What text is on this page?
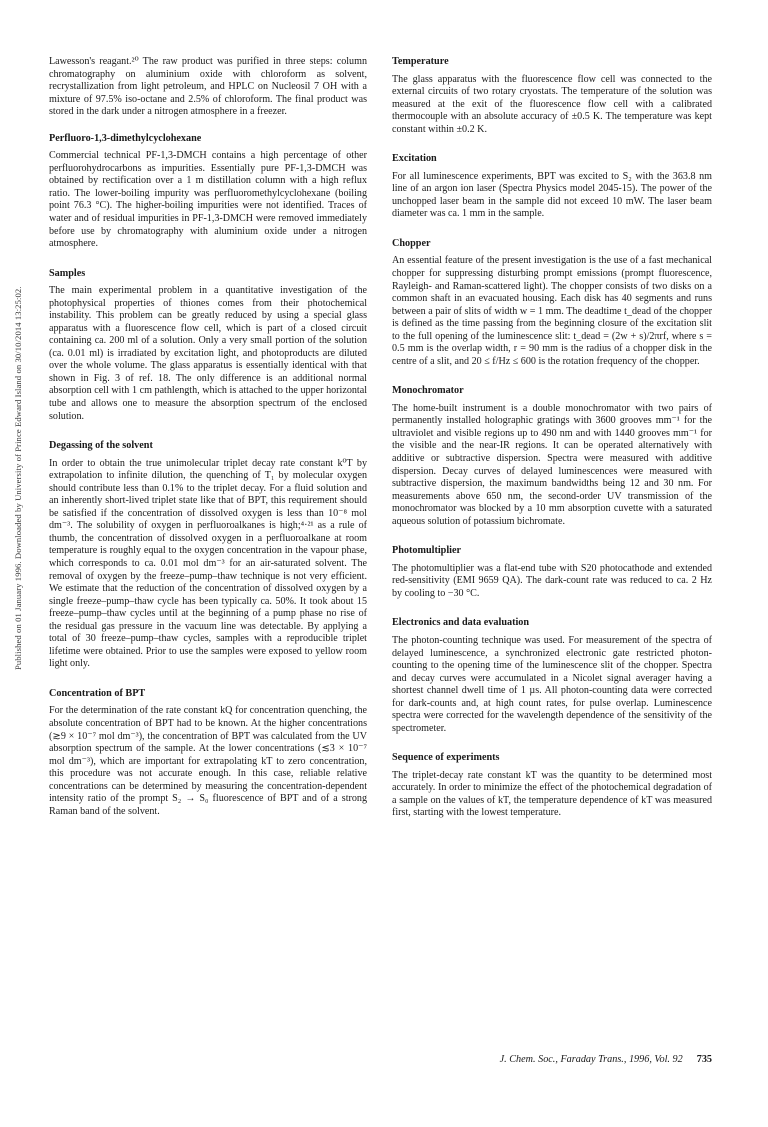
Published on 01 January 1996. Downloaded by University of Prince Edward Island on 30/10/2014 13:25:02.

Lawesson's reagant.²⁰ The raw product was purified in three steps: column chromatography on aluminium oxide with chloroform as solvent, recrystallization from light petroleum, and HPLC on Nucleosil 7 OH with a mixture of 97.5% iso-octane and 2.5% of chloroform. The final product was stored in the dark under a nitrogen atmosphere in a freezer.

Perfluoro-1,3-dimethylcyclohexane

Commercial technical PF-1,3-DMCH contains a high percentage of other perfluorohydrocarbons as impurities. Essentially pure PF-1,3-DMCH was obtained by rectification over a 1 m distillation column with a high reflux ratio. The lower-boiling impurity was perfluoromethylcyclohexane (boiling point 76.3 °C). The higher-boiling impurities were not identified. Traces of water and of residual impurities in PF-1,3-DMCH were removed immediately before use by chromatography with aluminium oxide under a nitrogen atmosphere.

Samples

The main experimental problem in a quantitative investigation of the photophysical properties of thiones comes from their photochemical instability. This problem can be greatly reduced by using a special glass apparatus with a fluorescence flow cell, which is part of a closed circuit containing ca. 200 ml of a solution. Only a very small portion of the solution (ca. 0.01 ml) is irradiated by excitation light, and photoproducts are diluted over the whole volume. The glass apparatus is essentially identical with that shown in Fig. 3 of ref. 18. The only difference is an additional normal absorption cell with 1 cm pathlength, which is attached to the upper horizontal tube and allows one to measure the absorption spectrum of the enclosed solution.

Degassing of the solvent

In order to obtain the true unimolecular triplet decay rate constant k⁰T by extrapolation to infinite dilution, the quenching of T₁ by molecular oxygen should contribute less than 0.1% to the triplet decay. For a fluid solution and an inherently short-lived triplet state like that of BPT, this requirement should be satisfied if the concentration of dissolved oxygen is less than 10⁻⁸ mol dm⁻³. The solubility of oxygen in perfluoroalkanes is high;⁴·²¹ as a rule of thumb, the concentration of dissolved oxygen in a perfluoroalkane at room temperature is roughly equal to the oxygen concentration in the vapour phase, which corresponds to ca. 0.01 mol dm⁻³ for an air-saturated solvent. The removal of oxygen by the freeze–pump–thaw technique is not very efficient. We estimate that the reduction of the concentration of dissolved oxygen by a single freeze–pump–thaw cycle has been typically ca. 50%. It took about 15 freeze–pump–thaw cycles until at the beginning of a pump phase no rise of the residual gas pressure in the vacuum line was detectable. By applying a total of 30 freeze–pump–thaw cycles, samples with a reproducible triplet lifetime were obtained. Prior to use the samples were exposed to yellow room light only.

Concentration of BPT

For the determination of the rate constant kQ for concentration quenching, the absolute concentration of BPT had to be known. At the higher concentrations (≳9 × 10⁻⁷ mol dm⁻³), the concentration of BPT was calculated from the UV absorption spectrum of the sample. At the lower concentrations (≲3 × 10⁻⁷ mol dm⁻³), which are important for extrapolating kT to zero concentration, this procedure was not accurate enough. In this case, reliable relative concentrations can be determined by measuring the concentration-dependent intensity ratio of the prompt S₂ → S₀ fluorescence of BPT and of a strong Raman band of the solvent.

Temperature

The glass apparatus with the fluorescence flow cell was connected to the external circuits of two rotary cryostats. The temperature of the solution was measured at the exit of the fluorescence flow cell with a calibrated thermocouple with an absolute accuracy of ±0.5 K. The temperature was kept constant within ±0.2 K.

Excitation

For all luminescence experiments, BPT was excited to S₂ with the 363.8 nm line of an argon ion laser (Spectra Physics model 2045-15). The power of the unchopped laser beam in the sample did not exceed 10 mW. The laser beam diameter was ca. 1 mm in the sample.

Chopper

An essential feature of the present investigation is the use of a fast mechanical chopper for suppressing disturbing prompt emissions (prompt fluorescence, Rayleigh- and Raman-scattered light). The chopper consists of two disks on a common shaft in an evacuated housing. Each disk has 40 segments and runs between a pair of slits of width w = 1 mm. The deadtime t_dead of the chopper is defined as the time passing from the beginning closure of the excitation slit to the full opening of the luminescence slit: t_dead = (2w + s)/2πrf, where s = 0.5 mm is the overlap width, r = 90 mm is the radius of a chopper disk in the centre of a slit, and 20 ≤ f/Hz ≤ 600 is the rotation frequency of the chopper.

Monochromator

The home-built instrument is a double monochromator with two pairs of permanently installed holographic gratings with 3600 grooves mm⁻¹ for the ultraviolet and visible regions up to 490 nm and with 1440 grooves mm⁻¹ for the visible and the near-IR regions. It can be operated alternatively with additive or subtractive dispersion. Spectra were measured with additive dispersion. Decay curves of delayed luminescences were measured with subtractive dispersion, the maximum bandwidths being 12 and 30 nm. For measurements above 650 nm, the second-order UV transmission of the monochromator was blocked by a 10 mm absorption cuvette with a saturated aqueous solution of potassium bichromate.

Photomultiplier

The photomultiplier was a flat-end tube with S20 photocathode and extended red-sensitivity (EMI 9659 QA). The dark-count rate was reduced to ca. 2 Hz by cooling to −30 °C.

Electronics and data evaluation

The photon-counting technique was used. For measurement of the spectra of delayed luminescence, a synchronized electronic gate restricted photon-counting to the opening time of the luminescence slit of the chopper. Spectra and decay curves were accumulated in a Nicolet signal averager having a shortest channel dwell time of 1 µs. All photon-counting data were corrected for dark-counts and, at high count rates, for pulse overlap. Luminescence spectra were corrected for the wavelength dependence of the sensitivity of the spectrometer.

Sequence of experiments

The triplet-decay rate constant kT was the quantity to be determined most accurately. In order to minimize the effect of the photochemical degradation of a sample on the values of kT, the temperature dependence of kT was measured first, starting with the lowest temperature.

J. Chem. Soc., Faraday Trans., 1996, Vol. 92 735
